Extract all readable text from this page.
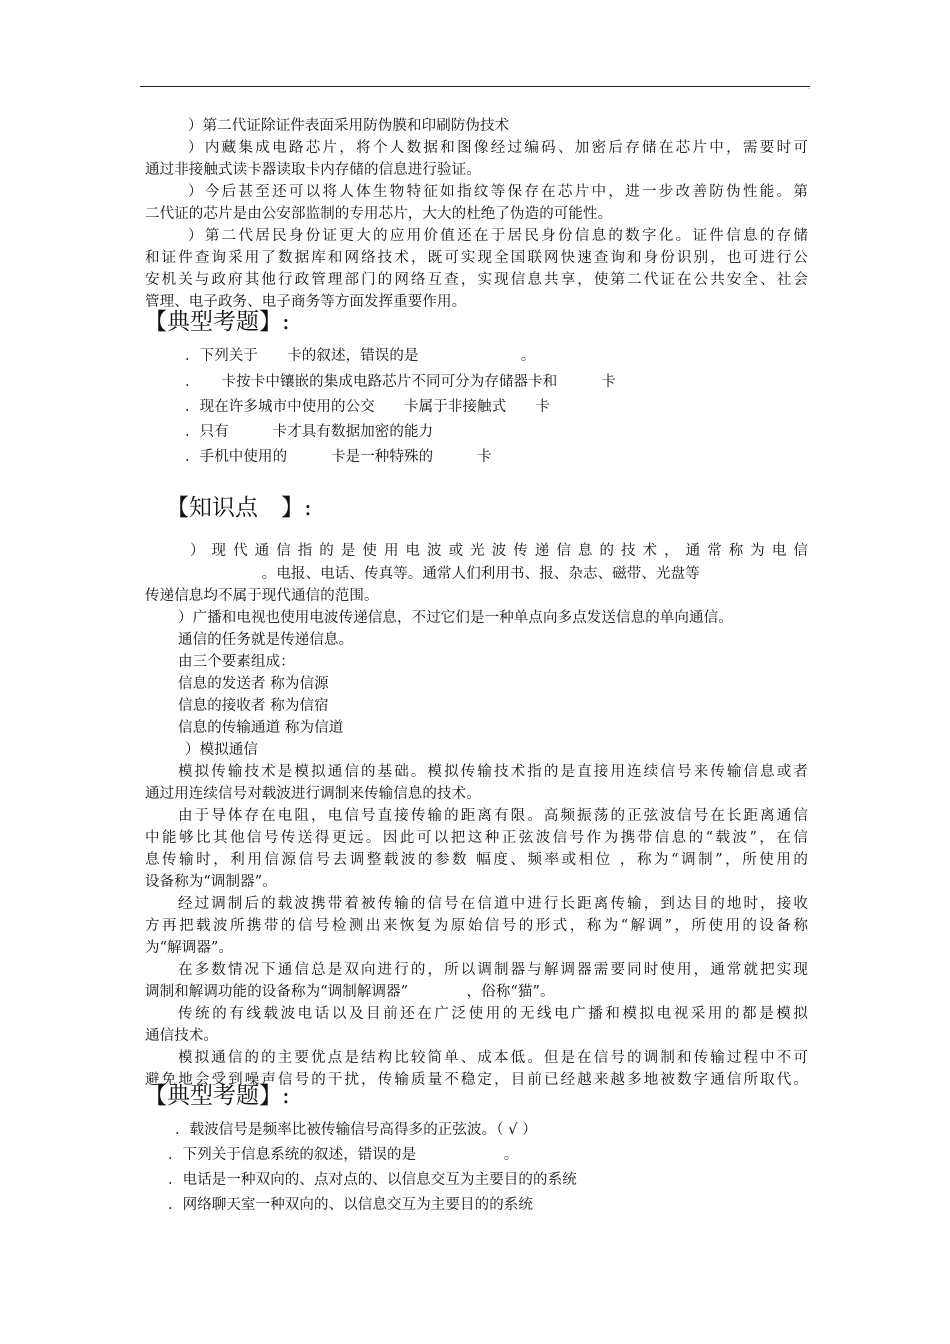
.
）第二代证除证件表面采用防伪膜和印刷防伪技术
）内藏集成电路芯片，将个人数据和图像经过编码、加密后存储在芯片中，需要时可
通过非接触式读卡器读取卡内存储的信息进行验证。
）今后甚至还可以将人体生物特征如指纹等保存在芯片中，进一步改善防伪性能。第
二代证的芯片是由公安部监制的专用芯片，大大的杜绝了伪造的可能性。
）第二代居民身份证更大的应用价值还在于居民身份信息的数字化。证件信息的存储
和证件查询采用了数据库和网络技术，既可实现全国联网快速查询和身份识别，也可进行公
安机关与政府其他行政管理部门的网络互查，实现信息共享，使第二代证在公共安全、社会
管理、电子政务、电子商务等方面发挥重要作用。
【典型考题】:
．下列关于　　卡的叙述，错误的是　　　　　　　。
．　　卡按卡中镶嵌的集成电路芯片不同可分为存储器卡和　　　卡
．现在许多城市中使用的公交　　卡属于非接触式　　卡
．只有　　　卡才具有数据加密的能力
．手机中使用的　　　卡是一种特殊的　　　卡
【知识点　】:
）现代通信指的是使用电波或光波传递信息的技术，通常称为电信
　　　　　　　　。电报、电话、传真等。通常人们利用书、报、杂志、磁带、光盘等
传递信息均不属于现代通信的范围。
）广播和电视也使用电波传递信息，不过它们是一种单点向多点发送信息的单向通信。
通信的任务就是传递信息。
由三个要素组成：
信息的发送者 称为信源
信息的接收者 称为信宿
信息的传输通道 称为信道
）模拟通信
模拟传输技术是模拟通信的基础。模拟传输技术指的是直接用连续信号来传输信息或者
通过用连续信号对载波进行调制来传输信息的技术。
由于导体存在电阻，电信号直接传输的距离有限。高频振荡的正弦波信号在长距离通信
中能够比其他信号传送得更远。因此可以把这种正弦波信号作为携带信息的“载波”，在信
息传输时，利用信源信号去调整载波的参数 幅度、频率或相位 ，称为“调制”，所使用的
设备称为“调制器”。
经过调制后的载波携带着被传输的信号在信道中进行长距离传输，到达目的地时，接收
方再把载波所携带的信号检测出来恢复为原始信号的形式，称为“解调”，所使用的设备称
为“解调器”。
在多数情况下通信总是双向进行的，所以调制器与解调器需要同时使用，通常就把实现
调制和解调功能的设备称为“调制解调器”　　　　，俗称“猫”。
传统的有线载波电话以及目前还在广泛使用的无线电广播和模拟电视采用的都是模拟
通信技术。
模拟通信的的主要优点是结构比较简单、成本低。但是在信号的调制和传输过程中不可
避免地会受到噪声信号的干扰，传输质量不稳定，目前已经越来越多地被数字通信所取代。
【典型考题】:
．载波信号是频率比被传输信号高得多的正弦波。（ √ ）
．下列关于信息系统的叙述，错误的是　　　　　　。
．电话是一种双向的、点对点的、以信息交互为主要目的的系统
．网络聊天室一种双向的、以信息交互为主要目的的系统
